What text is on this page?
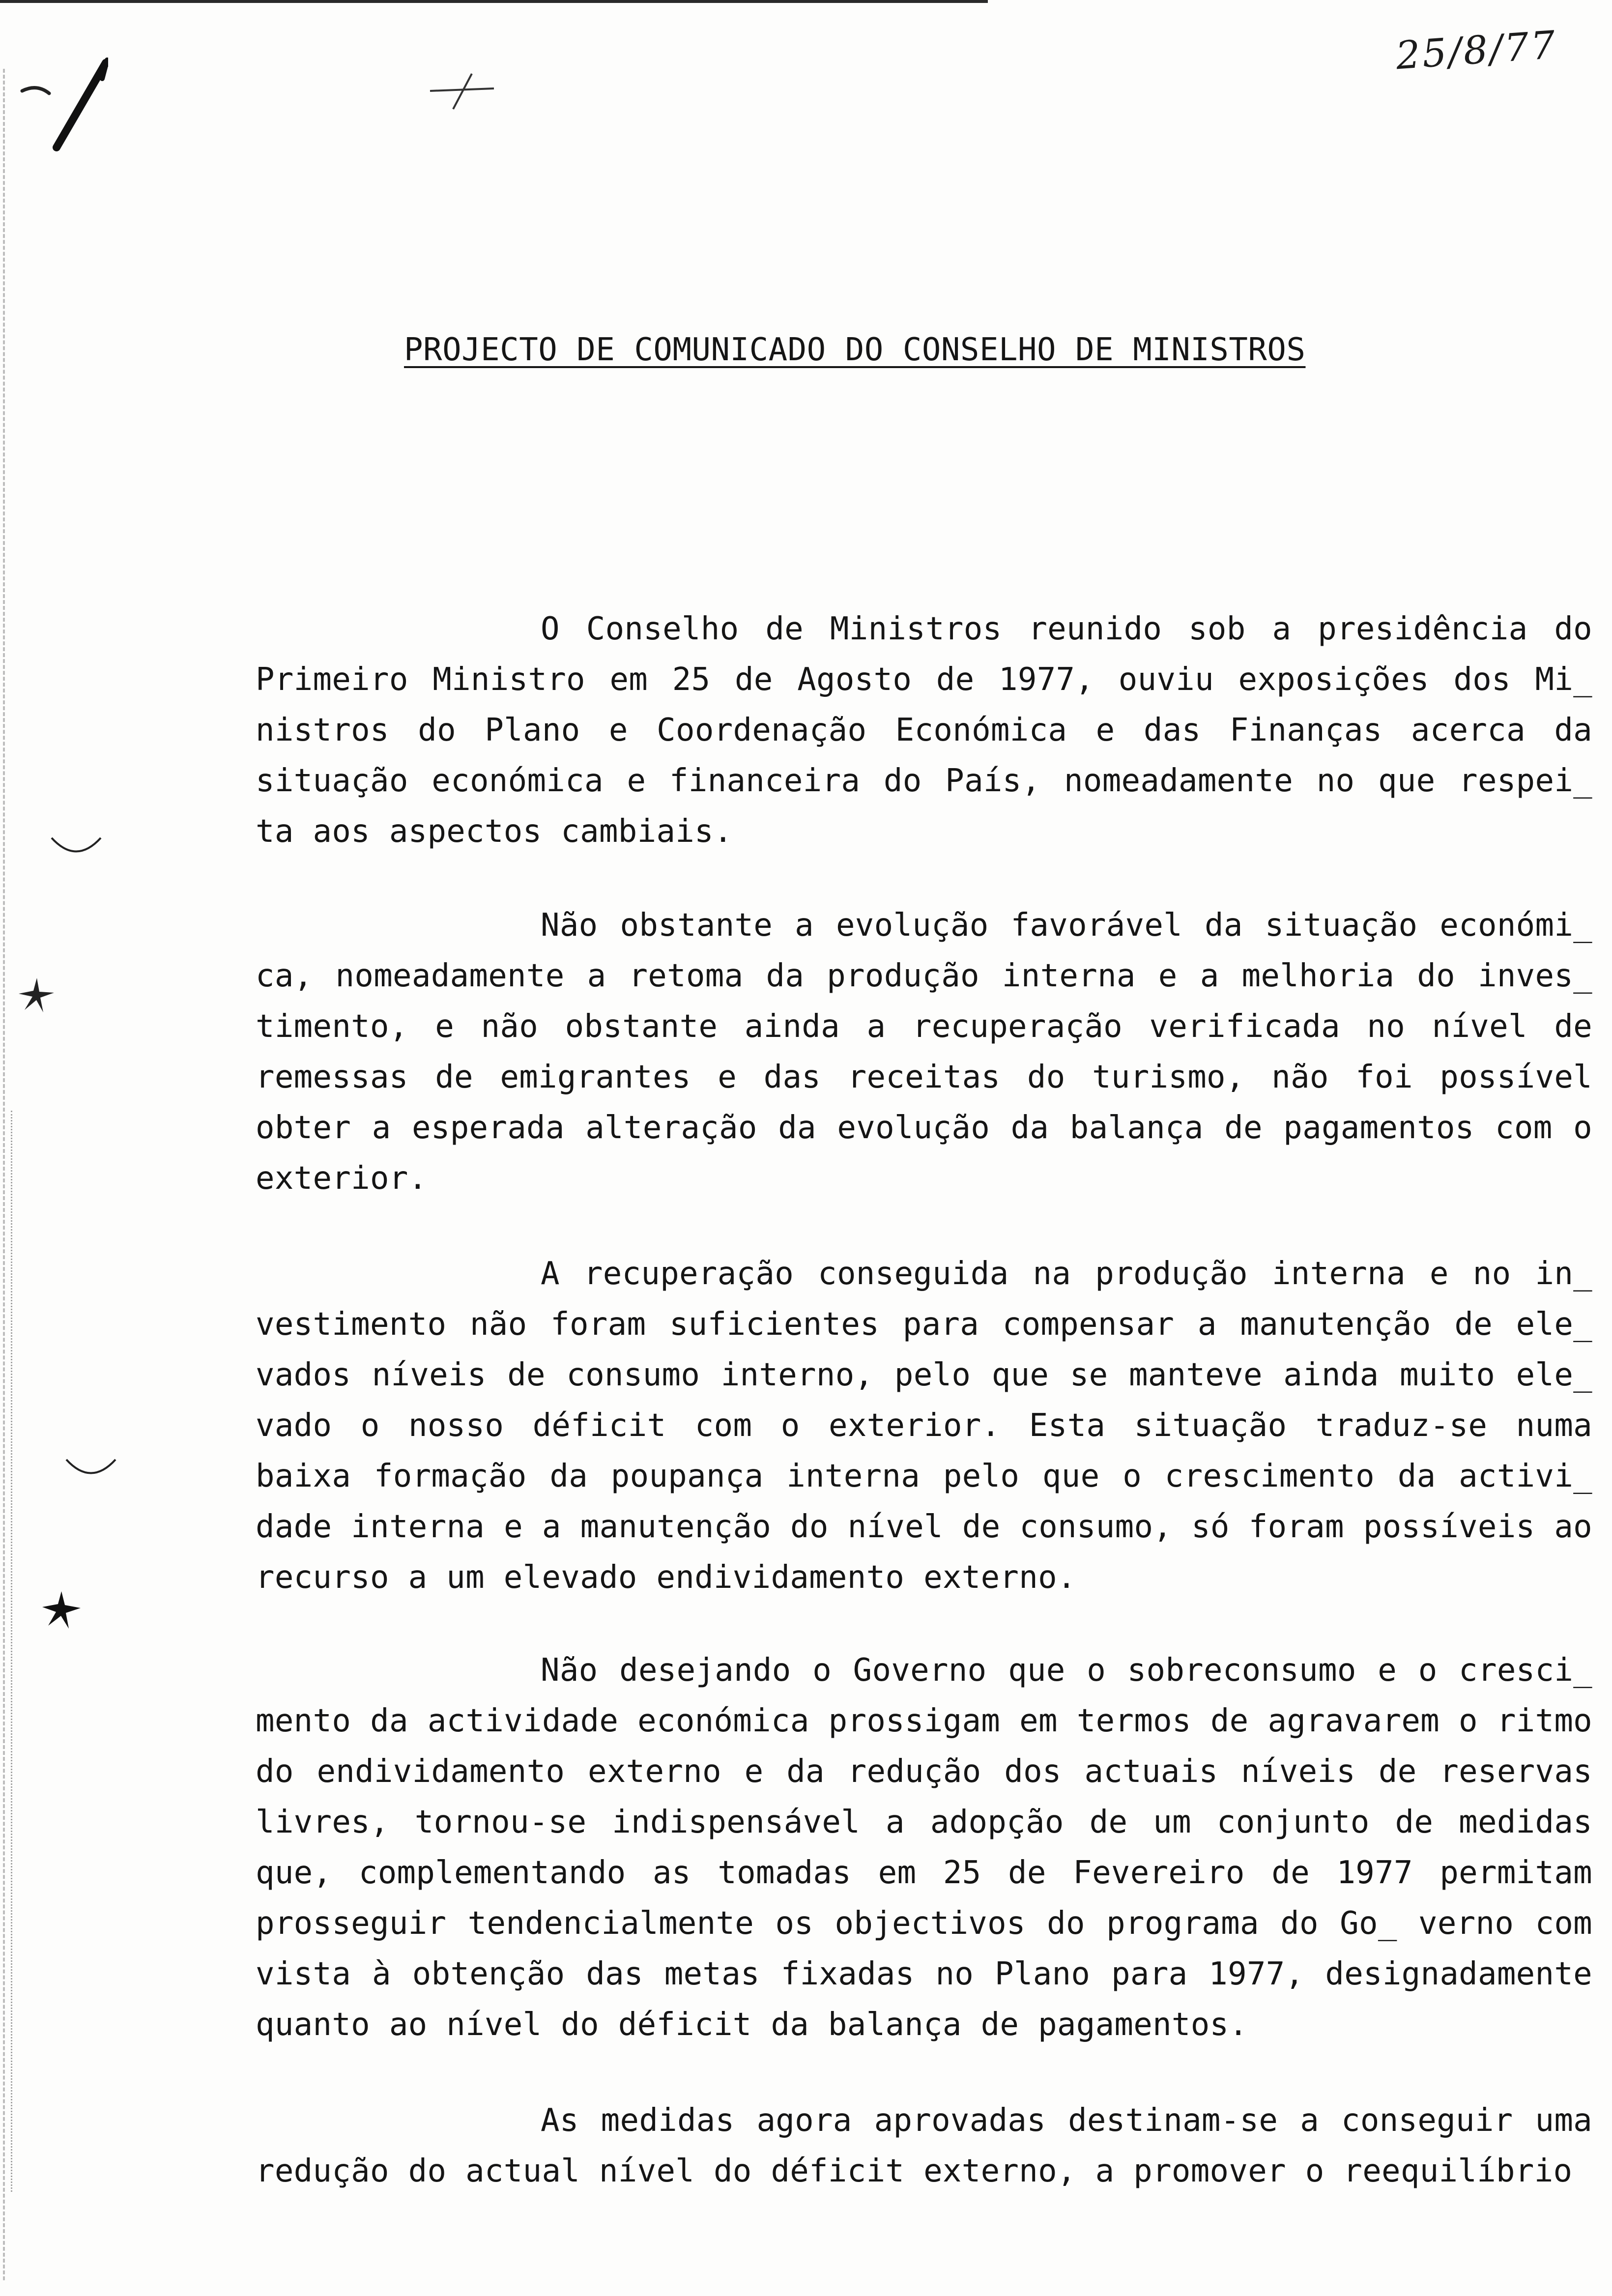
25/8/77
PROJECTO DE COMUNICADO DO CONSELHO DE MINISTROS

O Conselho de Ministros reunido sob a presidência do Primeiro Ministro em 25 de Agosto de 1977, ouviu exposições dos Mi_ nistros do Plano e Coordenação Económica e das Finanças acerca da situação económica e financeira do País, nomeadamente no que respei_ ta aos aspectos cambiais.

Não obstante a evolução favorável da situação económi_ ca, nomeadamente a retoma da produção interna e a melhoria do inves_ timento, e não obstante ainda a recuperação verificada no nível de remessas de emigrantes e das receitas do turismo, não foi possível obter a esperada alteração da evolução da balança de pagamentos com o exterior.

A recuperação conseguida na produção interna e no in_ vestimento não foram suficientes para compensar a manutenção de ele_ vados níveis de consumo interno, pelo que se manteve ainda muito ele_ vado o nosso déficit com o exterior. Esta situação traduz-se numa baixa formação da poupança interna pelo que o crescimento da activi_ dade interna e a manutenção do nível de consumo, só foram possíveis ao recurso a um elevado endividamento externo.

Não desejando o Governo que o sobreconsumo e o cresci_ mento da actividade económica prossigam em termos de agravarem o ritmo do endividamento externo e da redução dos actuais níveis de reservas livres, tornou-se indispensável a adopção de um conjunto de medidas que, complementando as tomadas em 25 de Fevereiro de 1977 permitam prosseguir tendencialmente os objectivos do programa do Go_ verno com vista à obtenção das metas fixadas no Plano para 1977, designadamente quanto ao nível do déficit da balança de pagamentos.

As medidas agora aprovadas destinam-se a conseguir uma redução do actual nível do déficit externo, a promover o reequilíbrio
